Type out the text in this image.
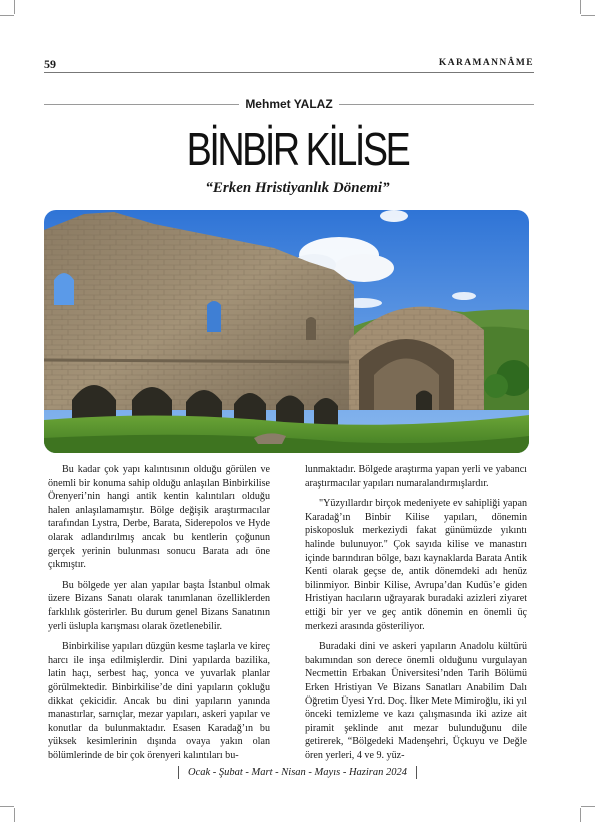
59	KARAMANNÂME
Mehmet YALAZ
BİNBİR KİLİSE
“Erken Hristiyanlık Dönemi”

Bu kadar çok yapı kalıntısının olduğu görülen ve önemli bir konuma sahip olduğu anlaşılan Binbirkilise Örenyeri’nin hangi antik kentin kalıntıları olduğu halen anlaşılamamıştır. Bölge değişik araştırmacılar tarafından Lystra, Derbe, Barata, Siderepolos ve Hyde olarak adlandırılmış ancak bu kentlerin çoğunun gerçek yerinin bulunması sonucu Barata adı öne çıkmıştır.

Bu bölgede yer alan yapılar başta İstanbul olmak üzere Bizans Sanatı olarak tanımlanan özelliklerden farklılık gösterirler. Bu durum genel Bizans Sanatının yerli üslupla karışması olarak özetlenebilir.

Binbirkilise yapıları düzgün kesme taşlarla ve kireç harcı ile inşa edilmişlerdir. Dini yapılarda bazilika, latin haçı, serbest haç, yonca ve yuvarlak planlar görülmektedir. Binbirkilise’de dini yapıların çokluğu dikkat çekicidir. Ancak bu dini yapıların yanında manastırlar, sarnıçlar, mezar yapıları, askeri yapılar ve konutlar da bulunmaktadır. Esasen Karadağ’ın bu yüksek kesimlerinin dışında ovaya yakın olan bölümlerinde de bir çok örenyeri kalıntıları bu-

lunmaktadır. Bölgede araştırma yapan yerli ve yabancı araştırmacılar yapıları numaralandırmışlardır.

"Yüzyıllardır birçok medeniyete ev sahipliği yapan Karadağ’ın Binbir Kilise yapıları, dönemin piskoposluk merkeziydi fakat günümüzde yıkıntı halinde bulunuyor." Çok sayıda kilise ve manastırı içinde barındıran bölge, bazı kaynaklarda Barata Antik Kenti olarak geçse de, antik dönemdeki adı henüz bilinmiyor. Binbir Kilise, Avrupa’dan Kudüs’e giden Hristiyan hacıların uğrayarak buradaki azizleri ziyaret ettiği bir yer ve geç antik dönemin en önemli üç merkezi arasında gösteriliyor.

Buradaki dini ve askeri yapıların Anadolu kültürü bakımından son derece önemli olduğunu vurgulayan Necmettin Erbakan Üniversitesi’nden Tarih Bölümü Erken Hristiyan Ve Bizans Sanatları Anabilim Dalı Öğretim Üyesi Yrd. Doç. İlker Mete Mimiroğlu, iki yıl önceki temizleme ve kazı çalışmasında iki azize ait piramit şeklinde anıt mezar bulunduğunu dile getirerek, “Bölgedeki Madenşehri, Üçkuyu ve Değle ören yerleri, 4 ve 9. yüz-

Ocak - Şubat - Mart - Nisan - Mayıs - Haziran 2024
